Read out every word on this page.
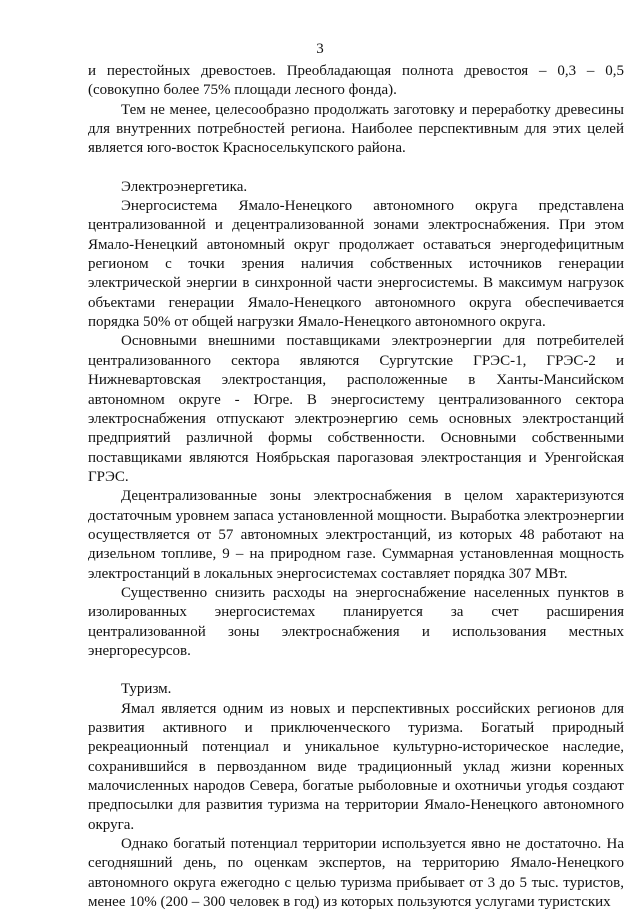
3

и перестойных древостоев. Преобладающая полнота древостоя – 0,3 – 0,5 (совокупно более 75% площади лесного фонда).

Тем не менее, целесообразно продолжать заготовку и переработку древесины для внутренних потребностей региона. Наиболее перспективным для этих целей является юго-восток Красноселькупского района.

Электроэнергетика.

Энергосистема Ямало-Ненецкого автономного округа представлена централизованной и децентрализованной зонами электроснабжения. При этом Ямало-Ненецкий автономный округ продолжает оставаться энергодефицитным регионом с точки зрения наличия собственных источников генерации электрической энергии в синхронной части энергосистемы. В максимум нагрузок объектами генерации Ямало-Ненецкого автономного округа обеспечивается порядка 50% от общей нагрузки Ямало-Ненецкого автономного округа.

Основными внешними поставщиками электроэнергии для потребителей централизованного сектора являются Сургутские ГРЭС-1, ГРЭС-2 и Нижневартовская электростанция, расположенные в Ханты-Мансийском автономном округе - Югре. В энергосистему централизованного сектора электроснабжения отпускают электроэнергию семь основных электростанций предприятий различной формы собственности. Основными собственными поставщиками являются Ноябрьская парогазовая электростанция и Уренгойская ГРЭС.

Децентрализованные зоны электроснабжения в целом характеризуются достаточным уровнем запаса установленной мощности. Выработка электроэнергии осуществляется от 57 автономных электростанций, из которых 48 работают на дизельном топливе, 9 – на природном газе. Суммарная установленная мощность электростанций в локальных энергосистемах составляет порядка 307 МВт.

Существенно снизить расходы на энергоснабжение населенных пунктов в изолированных энергосистемах планируется за счет расширения централизованной зоны электроснабжения и использования местных энергоресурсов.

Туризм.

Ямал является одним из новых и перспективных российских регионов для развития активного и приключенческого туризма. Богатый природный рекреационный потенциал и уникальное культурно-историческое наследие, сохранившийся в первозданном виде традиционный уклад жизни коренных малочисленных народов Севера, богатые рыболовные и охотничьи угодья создают предпосылки для развития туризма на территории Ямало-Ненецкого автономного округа.

Однако богатый потенциал территории используется явно не достаточно. На сегодняшний день, по оценкам экспертов, на территорию Ямало-Ненецкого автономного округа ежегодно с целью туризма прибывает от 3 до 5 тыс. туристов, менее 10% (200 – 300 человек в год) из которых пользуются услугами туристских
